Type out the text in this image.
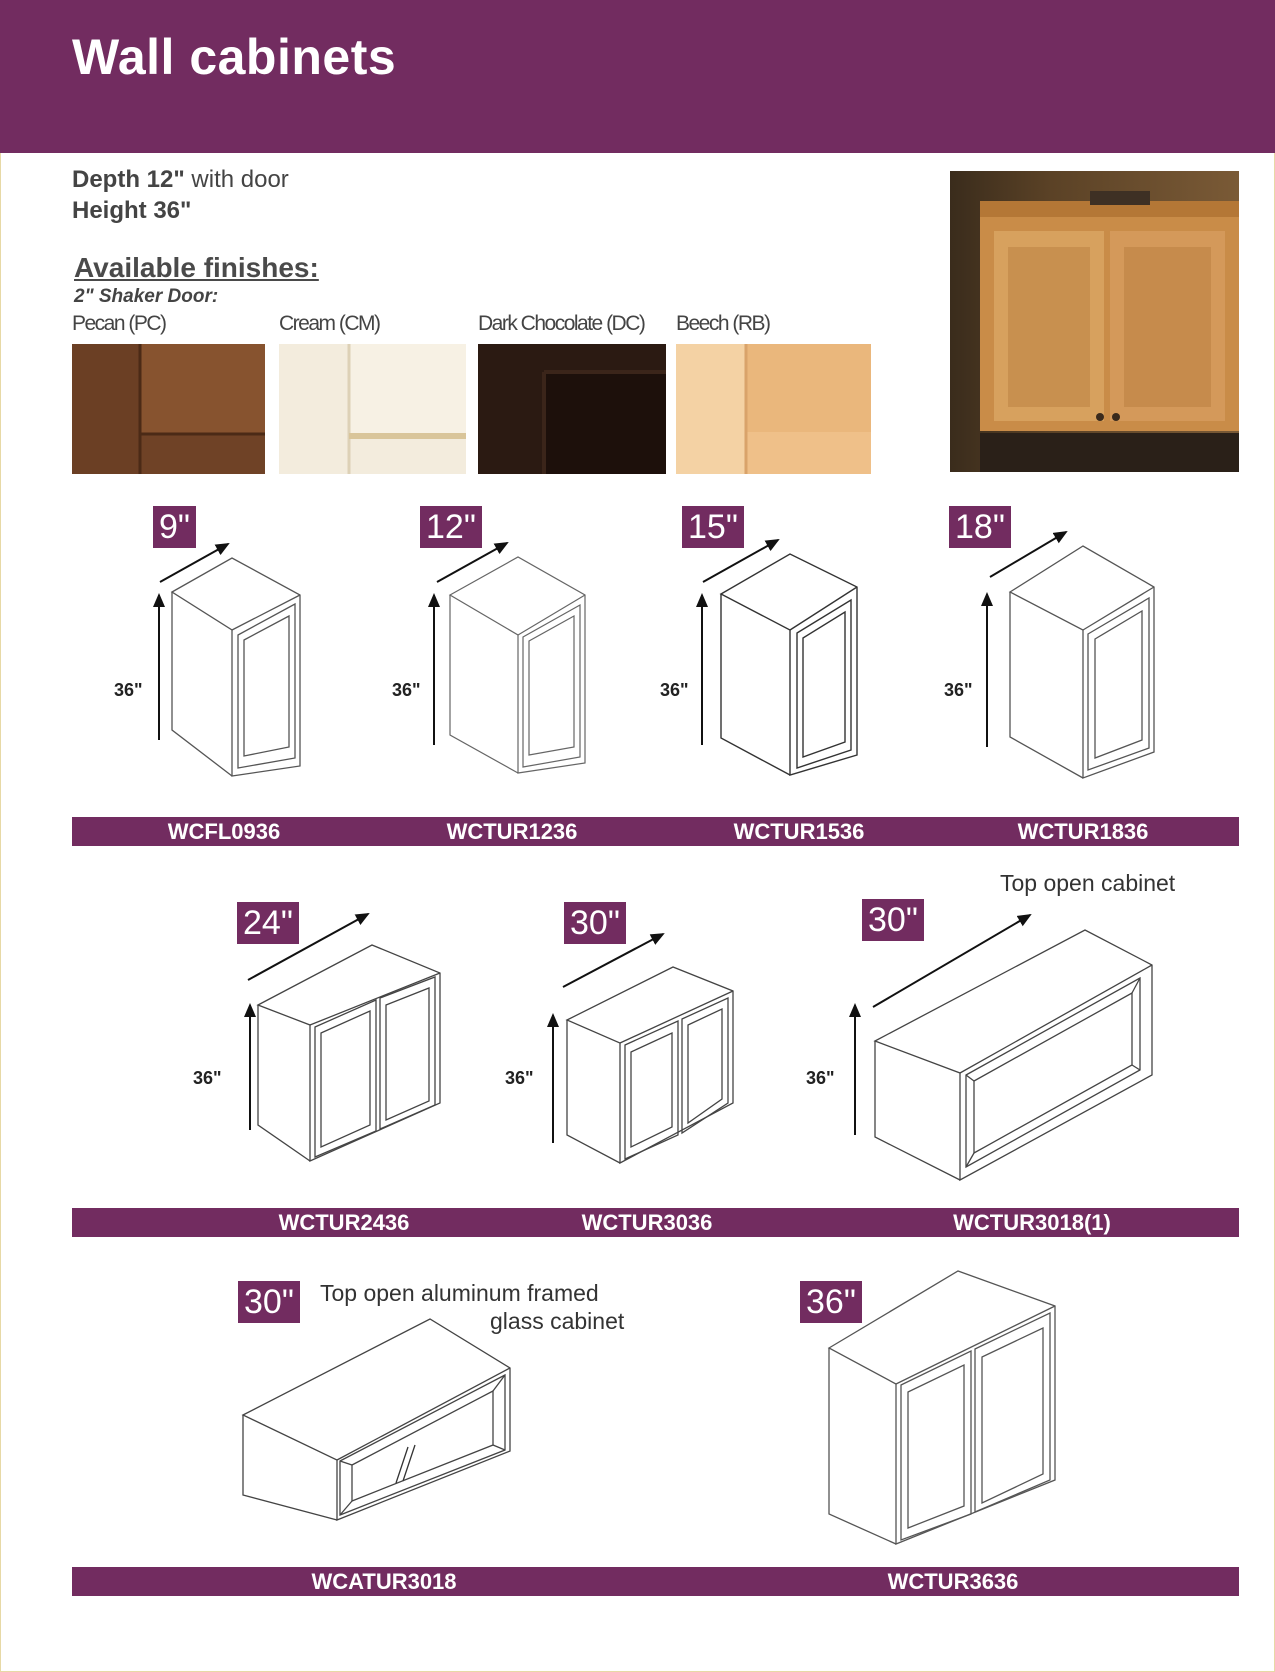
Wall cabinets
Depth 12" with door
Height 36"
Available finishes:
2" Shaker Door:
Pecan (PC)	Cream (CM)	Dark Chocolate (DC) Beech (RB)
9"
36"
12"
36"
15"
36"
18"
36"
WCFL0936	WCTUR1236	WCTUR1536	WCTUR1836
Top open cabinet
24"
36"
30"
36"
30"
36"
WCTUR2436	WCTUR3036	WCTUR3018(1)
30" Top open aluminum framed
glass cabinet	36"
WCATUR3018	WCTUR3636
